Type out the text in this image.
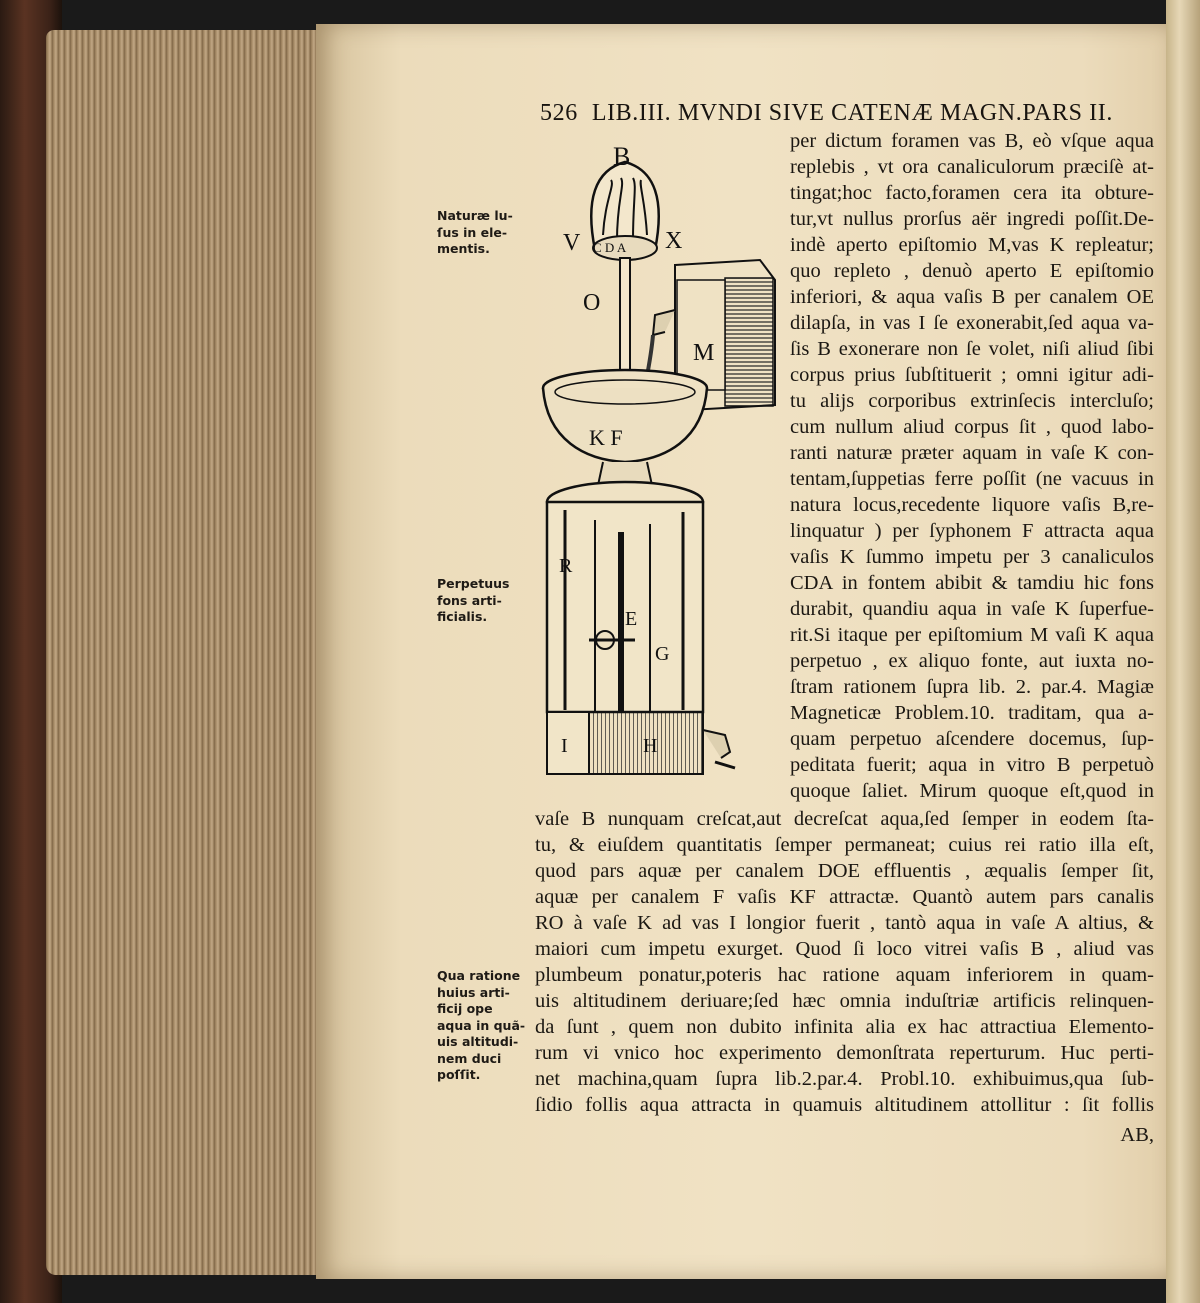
526 LIB.III. MVNDI SIVE CATENÆ MAGN.PARS II.
Naturæ lu-
ſus in ele-
mentis.
Perpetuus
fons arti-
ficialis.
Qua ratione
huius arti-
ficij ope
aqua in quã-
uis altitudi-
nem duci
poſſit.
B
V C D A X
O
M
K F
R
E
G
I	H
per dictum foramen vas B, eò vſque aqua
replebis , vt ora canaliculorum præciſè at-
tingat;hoc facto,foramen cera ita obture-
tur,vt nullus prorſus aër ingredi poſſit.De-
indè aperto epiſtomio M,vas K repleatur;
quo repleto , denuò aperto E epiſtomio
inferiori, & aqua vaſis B per canalem OE
dilapſa, in vas I ſe exonerabit,ſed aqua va-
ſis B exonerare non ſe volet, niſi aliud ſibi
corpus prius ſubſtituerit ; omni igitur adi-
tu alijs corporibus extrinſecis intercluſo;
cum nullum aliud corpus ſit , quod labo-
ranti naturæ præter aquam in vaſe K con-
tentam,ſuppetias ferre poſſit (ne vacuus in
natura locus,recedente liquore vaſis B,re-
linquatur ) per ſyphonem F attracta aqua
vaſis K ſummo impetu per 3 canaliculos
CDA in fontem abibit & tamdiu hic fons
durabit, quandiu aqua in vaſe K ſuperfue-
rit.Si itaque per epiſtomium M vaſi K aqua
perpetuo , ex aliquo fonte, aut iuxta no-
ſtram rationem ſupra lib. 2. par.4. Magiæ
Magneticæ Problem.10. traditam, qua a-
quam perpetuo aſcendere docemus, ſup-
peditata fuerit; aqua in vitro B perpetuò
quoque ſaliet. Mirum quoque eſt,quod in
vaſe B nunquam creſcat,aut decreſcat aqua,ſed ſemper in eodem ſta-
tu, & eiuſdem quantitatis ſemper permaneat; cuius rei ratio illa eſt,
quod pars aquæ per canalem DOE effluentis , æqualis ſemper ſit,
aquæ per canalem F vaſis KF attractæ. Quantò autem pars canalis
RO à vaſe K ad vas I longior fuerit , tantò aqua in vaſe A altius, &
maiori cum impetu exurget. Quod ſi loco vitrei vaſis B , aliud vas
plumbeum ponatur,poteris hac ratione aquam inferiorem in quam-
uis altitudinem deriuare;ſed hæc omnia induſtriæ artificis relinquen-
da ſunt , quem non dubito infinita alia ex hac attractiua Elemento-
rum vi vnico hoc experimento demonſtrata reperturum. Huc perti-
net machina,quam ſupra lib.2.par.4. Probl.10. exhibuimus,qua ſub-
ſidio follis aqua attracta in quamuis altitudinem attollitur : ſit follis
AB,
